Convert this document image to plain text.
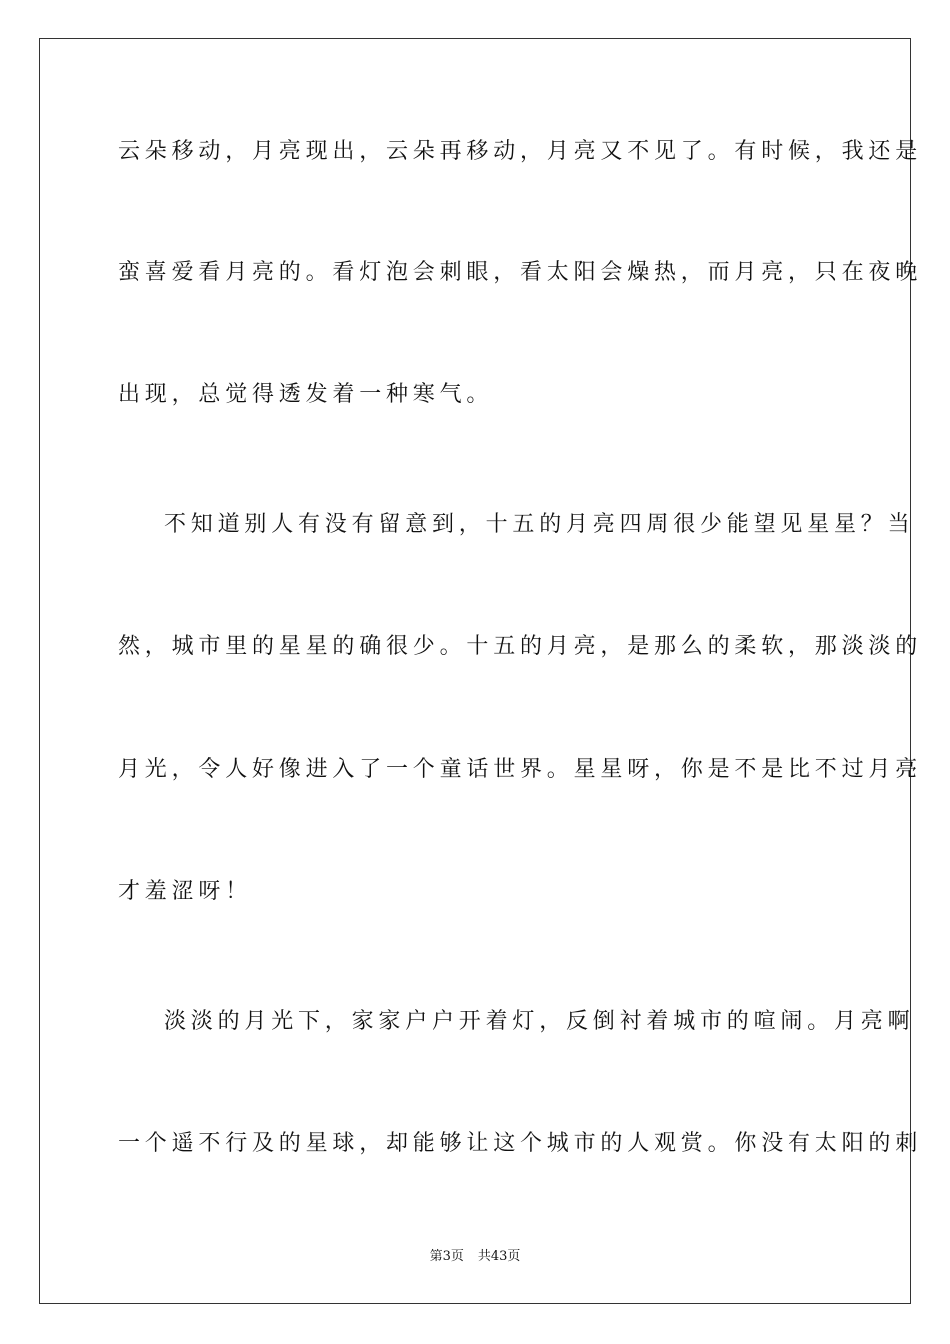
云朵移动，月亮现出，云朵再移动，月亮又不见了。有时候，我还是
蛮喜爱看月亮的。看灯泡会刺眼，看太阳会燥热，而月亮，只在夜晚
出现，总觉得透发着一种寒气。
不知道别人有没有留意到，十五的月亮四周很少能望见星星？当
然，城市里的星星的确很少。十五的月亮，是那么的柔软，那淡淡的
月光，令人好像进入了一个童话世界。星星呀，你是不是比不过月亮
才羞涩呀！
淡淡的月光下，家家户户开着灯，反倒衬着城市的喧闹。月亮啊
一个遥不行及的星球，却能够让这个城市的人观赏。你没有太阳的刺
第3页 共43页
